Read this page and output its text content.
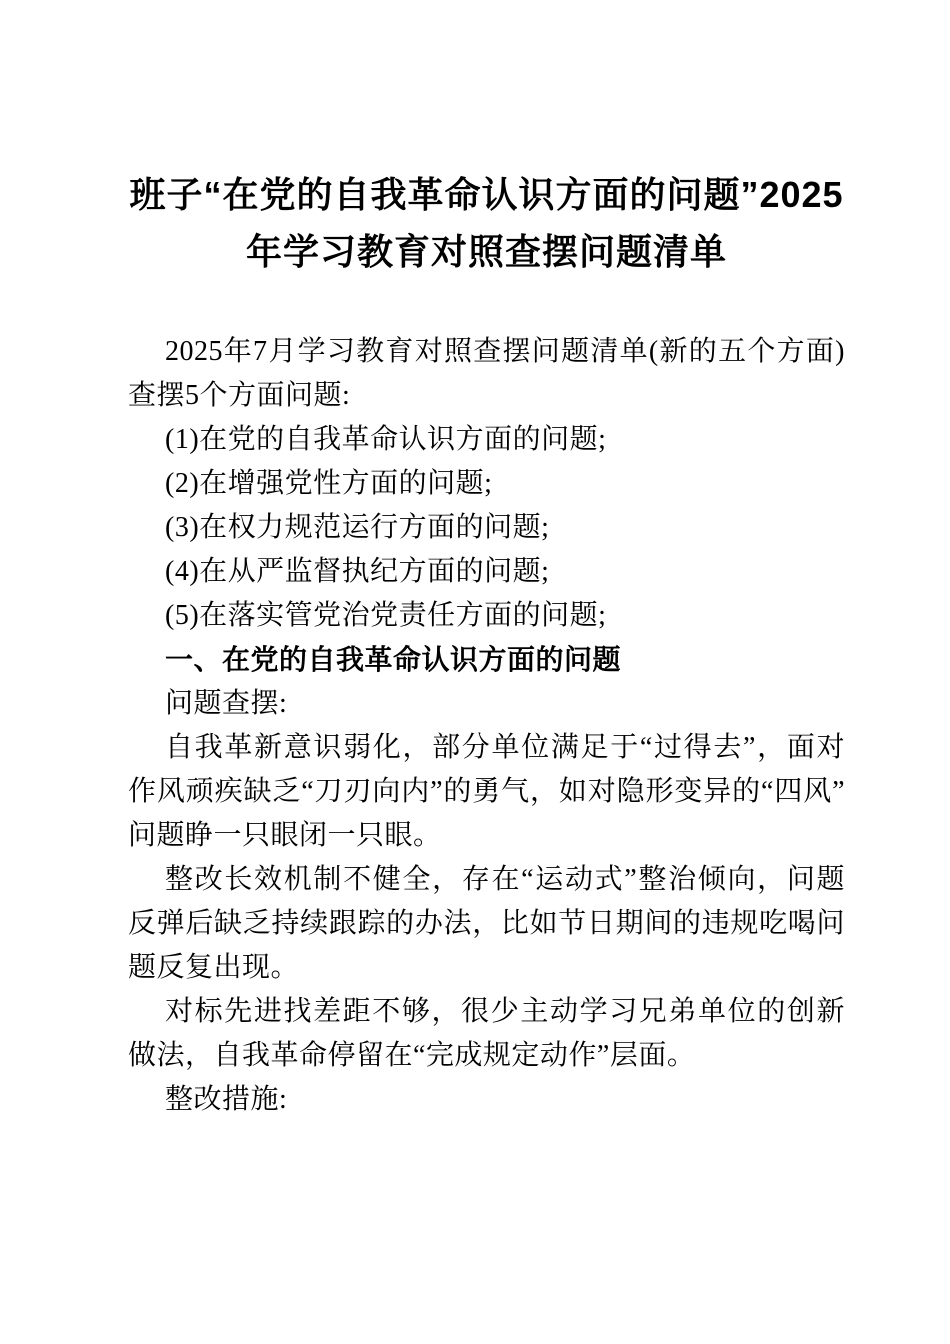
班子“在党的自我革命认识方面的问题”2025
年学习教育对照查摆问题清单

2025年7月学习教育对照查摆问题清单(新的五个方面)查摆5个方面问题:

(1)在党的自我革命认识方面的问题;

(2)在增强党性方面的问题;

(3)在权力规范运行方面的问题;

(4)在从严监督执纪方面的问题;

(5)在落实管党治党责任方面的问题;

一、在党的自我革命认识方面的问题

问题查摆:

自我革新意识弱化，部分单位满足于“过得去”，面对作风顽疾缺乏“刀刃向内”的勇气，如对隐形变异的“四风”问题睁一只眼闭一只眼。

整改长效机制不健全，存在“运动式”整治倾向，问题反弹后缺乏持续跟踪的办法，比如节日期间的违规吃喝问题反复出现。

对标先进找差距不够，很少主动学习兄弟单位的创新做法，自我革命停留在“完成规定动作”层面。

整改措施:
